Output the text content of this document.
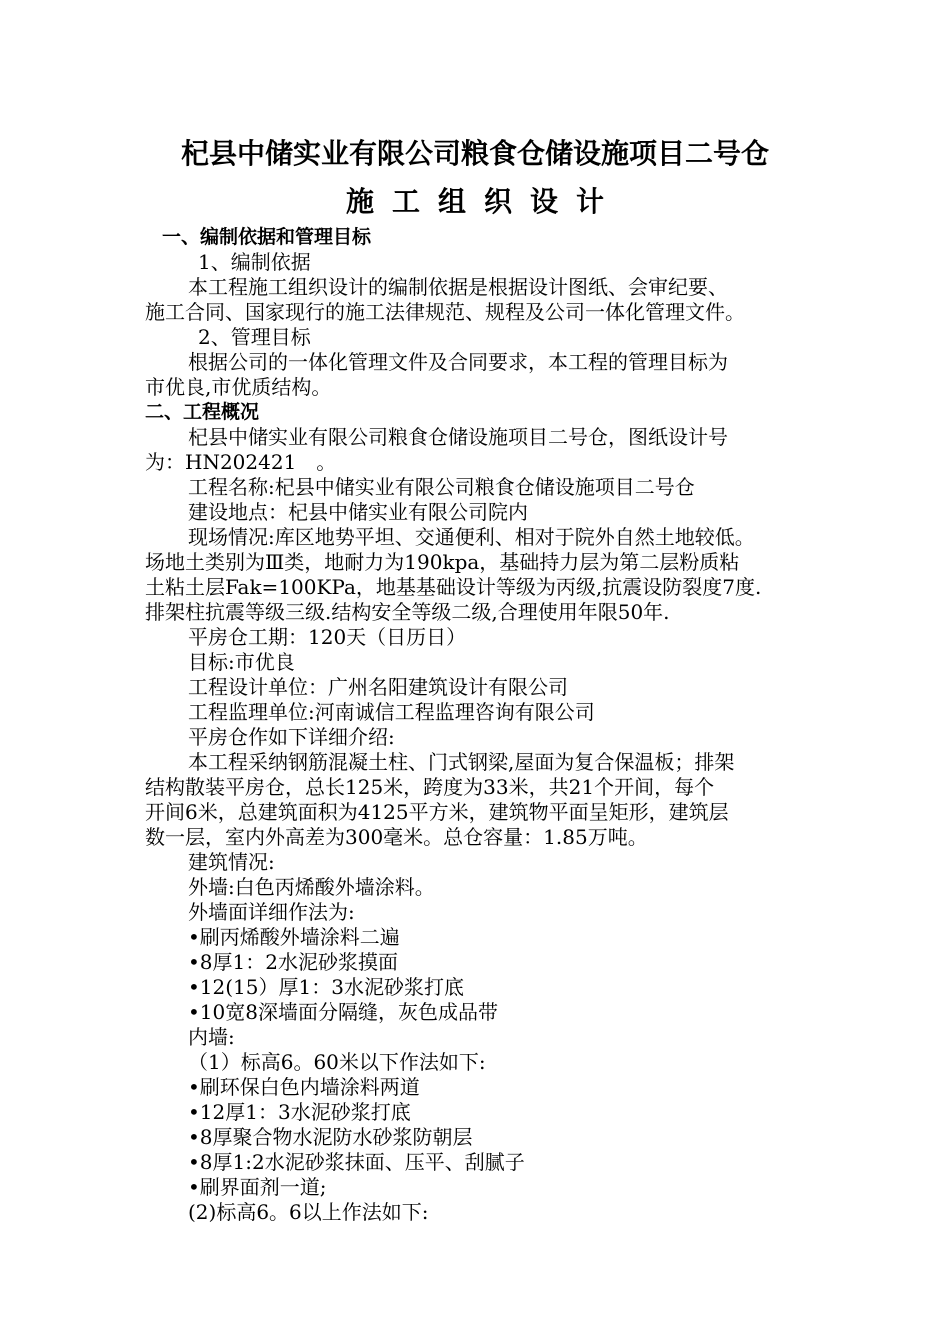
杞县中储实业有限公司粮食仓储设施项目二号仓
施工组织设计
一、编制依据和管理目标
1、编制依据
本工程施工组织设计的编制依据是根据设计图纸、会审纪要、
施工合同、国家现行的施工法律规范、规程及公司一体化管理文件。
2、管理目标
根据公司的一体化管理文件及合同要求，本工程的管理目标为
市优良,市优质结构。
二、工程概况
杞县中储实业有限公司粮食仓储设施项目二号仓，图纸设计号
为：HN202421　。
工程名称:杞县中储实业有限公司粮食仓储设施项目二号仓
建设地点：杞县中储实业有限公司院内
现场情况:库区地势平坦、交通便利、相对于院外自然土地较低。
场地土类别为Ⅲ类，地耐力为190kpa，基础持力层为第二层粉质粘
土粘土层Fak=100KPa，地基基础设计等级为丙级,抗震设防裂度7度.
排架柱抗震等级三级.结构安全等级二级,合理使用年限50年.
平房仓工期：120天（日历日）
目标:市优良
工程设计单位：广州名阳建筑设计有限公司
工程监理单位:河南诚信工程监理咨询有限公司
平房仓作如下详细介绍:
本工程采纳钢筋混凝土柱、门式钢梁,屋面为复合保温板；排架
结构散装平房仓，总长125米，跨度为33米，共21个开间，每个
开间6米，总建筑面积为4125平方米，建筑物平面呈矩形，建筑层
数一层，室内外高差为300毫米。总仓容量：1.85万吨。
建筑情况:
外墙:白色丙烯酸外墙涂料。
外墙面详细作法为:
•刷丙烯酸外墙涂料二遍
•8厚1：2水泥砂浆摸面
•12(15）厚1：3水泥砂浆打底
•10宽8深墙面分隔缝，灰色成品带
内墙:
（1）标高6。60米以下作法如下:
•刷环保白色内墙涂料两道
•12厚1：3水泥砂浆打底
•8厚聚合物水泥防水砂浆防朝层
•8厚1:2水泥砂浆抹面、压平、刮腻子
•刷界面剂一道;
(2)标高6。6以上作法如下:
